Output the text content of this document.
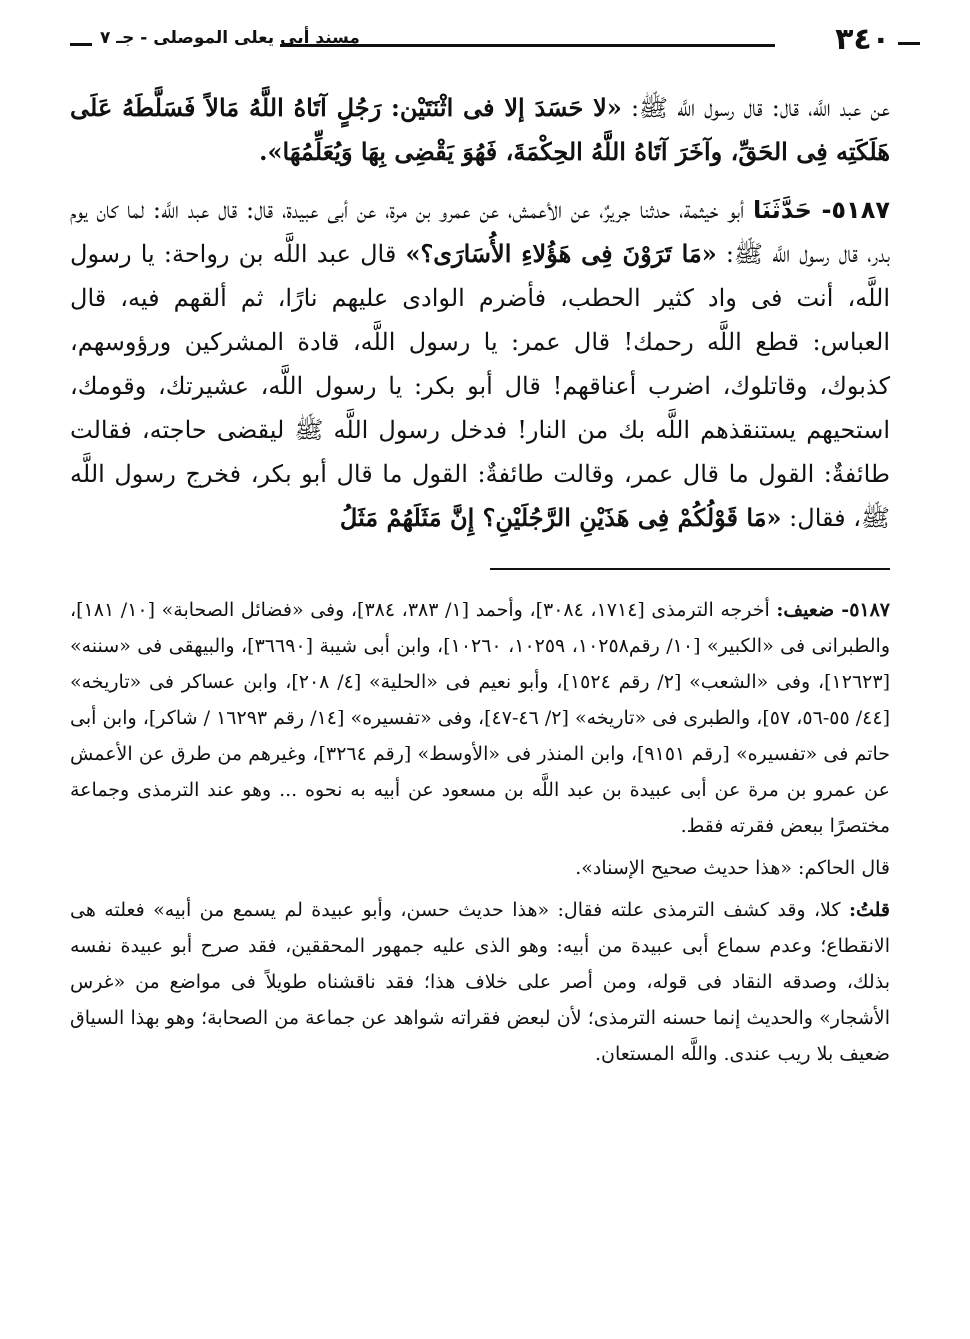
٣٤٠
مسند أبى يعلى الموصلى - جـ ٧

عن عبد اللَّه، قال: قال رسول اللَّه ﷺ: «لا حَسَدَ إلا فى اثْنَتَيْن: رَجُلٍ آتَاهُ اللَّهُ مَالاً فَسَلَّطَهُ عَلَى هَلَكَتِه فِى الحَقِّ، وآخَرَ آتَاهُ اللَّهُ الحِكْمَةَ، فَهُوَ يَقْضِى بِهَا وَيُعَلِّمُهَا».

٥١٨٧- حَدَّثَنَا أبو خيثمة، حدثنا جريرٌ، عن الأعمش، عن عمرو بن مرة، عن أبى عبيدة، قال: قال عبد اللَّه: لما كان يوم بدر، قال رسول اللَّه ﷺ: «مَا تَرَوْنَ فِى هَؤُلاءِ الأُسَارَى؟» قال عبد اللَّه بن رواحة: يا رسول اللَّه، أنت فى واد كثير الحطب، فأضرم الوادى عليهم نارًا، ثم ألقهم فيه، قال العباس: قطع اللَّه رحمك! قال عمر: يا رسول اللَّه، قادة المشركين ورؤوسهم، كذبوك، وقاتلوك، اضرب أعناقهم! قال أبو بكر: يا رسول اللَّه، عشيرتك، وقومك، استحيهم يستنقذهم اللَّه بك من النار! فدخل رسول اللَّه ﷺ ليقضى حاجته، فقالت طائفةٌ: القول ما قال عمر، وقالت طائفةٌ: القول ما قال أبو بكر، فخرج رسول اللَّه ﷺ، فقال: «مَا قَوْلُكُمْ فِى هَذَيْنِ الرَّجُلَيْنِ؟ إِنَّ مَثَلَهُمْ مَثَلُ

٥١٨٧- ضعيف: أخرجه الترمذى [١٧١٤، ٣٠٨٤]، وأحمد [١/ ٣٨٣، ٣٨٤]، وفى «فضائل الصحابة» [١٠/ ١٨١]، والطبرانى فى «الكبير» [١٠/ رقم١٠٢٥٨، ١٠٢٥٩، ١٠٢٦٠]، وابن أبى شيبة [٣٦٦٩٠]، والبيهقى فى «سننه» [١٢٦٢٣]، وفى «الشعب» [٢/ رقم ١٥٢٤]، وأبو نعيم فى «الحلية» [٤/ ٢٠٨]، وابن عساكر فى «تاريخه» [٤٤/ ٥٥-٥٦، ٥٧]، والطبرى فى «تاريخه» [٢/ ٤٦-٤٧]، وفى «تفسيره» [١٤/ رقم ١٦٢٩٣ / شاكر]، وابن أبى حاتم فى «تفسيره» [رقم ٩١٥١]، وابن المنذر فى «الأوسط» [رقم ٣٢٦٤]، وغيرهم من طرق عن الأعمش عن عمرو بن مرة عن أبى عبيدة بن عبد اللَّه بن مسعود عن أبيه به نحوه ... وهو عند الترمذى وجماعة مختصرًا ببعض فقرته فقط.

قال الحاكم: «هذا حديث صحيح الإسناد».

قلتُ: كلا، وقد كشف الترمذى علته فقال: «هذا حديث حسن، وأبو عبيدة لم يسمع من أبيه» فعلته هى الانقطاع؛ وعدم سماع أبى عبيدة من أبيه: وهو الذى عليه جمهور المحققين، فقد صرح أبو عبيدة نفسه بذلك، وصدقه النقاد فى قوله، ومن أصر على خلاف هذا؛ فقد ناقشناه طويلاً فى مواضع من «غرس الأشجار» والحديث إنما حسنه الترمذى؛ لأن لبعض فقراته شواهد عن جماعة من الصحابة؛ وهو بهذا السياق ضعيف بلا ريب عندى. واللَّه المستعان.
